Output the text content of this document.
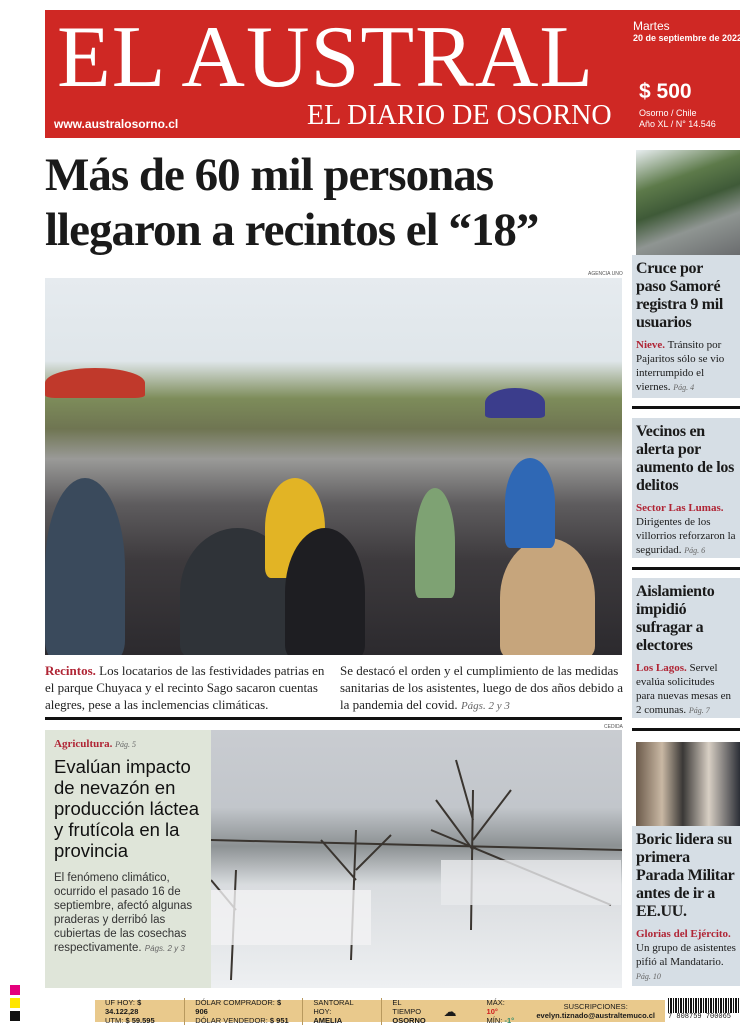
EL AUSTRAL
EL DIARIO DE OSORNO
www.australosorno.cl
Martes
20 de septiembre de 2022
$ 500
Osorno / Chile
Año XL / N° 14.546
Más de 60 mil personas llegaron a recintos el “18”
AGENCIA UNO

Recintos. Los locatarios de las festividades patrias en el parque Chuyaca y el recinto Sago sacaron cuentas alegres, pese a las inclemencias climáticas.

Se destacó el orden y el cumplimiento de las medidas sanitarias de los asistentes, luego de dos años debido a la pandemia del covid. Págs. 2 y 3

CEDIDA
Agricultura. Pág. 5
Evalúan impacto de nevazón en producción láctea y frutícola en la provincia

El fenómeno climático, ocurrido el pasado 16 de septiembre, afectó algunas praderas y derribó las cubiertas de las cosechas respectivamente. Págs. 2 y 3

Cruce por paso Samoré registra 9 mil usuarios

Nieve. Tránsito por Pajaritos sólo se vio interrumpido el viernes. Pág. 4

Vecinos en alerta por aumento de los delitos

Sector Las Lumas. Dirigentes de los villorrios reforzaron la seguridad. Pág. 6

Aislamiento impidió sufragar a electores

Los Lagos. Servel evalúa solicitudes para nuevas mesas en 2 comunas. Pág. 7

Boric lidera su primera Parada Militar antes de ir a EE.UU.

Glorias del Ejército. Un grupo de asistentes pifió al Mandatario. Pág. 10

UF HOY: $ 34.122,28
UTM: $ 59.595
DÓLAR COMPRADOR: $ 906
DÓLAR VENDEDOR: $ 951
SANTORAL HOY:
AMELIA
EL TIEMPO
OSORNO
☁
MÁX: 10°
MÍN: -1°
SUSCRIPCIONES:
evelyn.tiznado@australtemuco.cl	7 808759 700065
